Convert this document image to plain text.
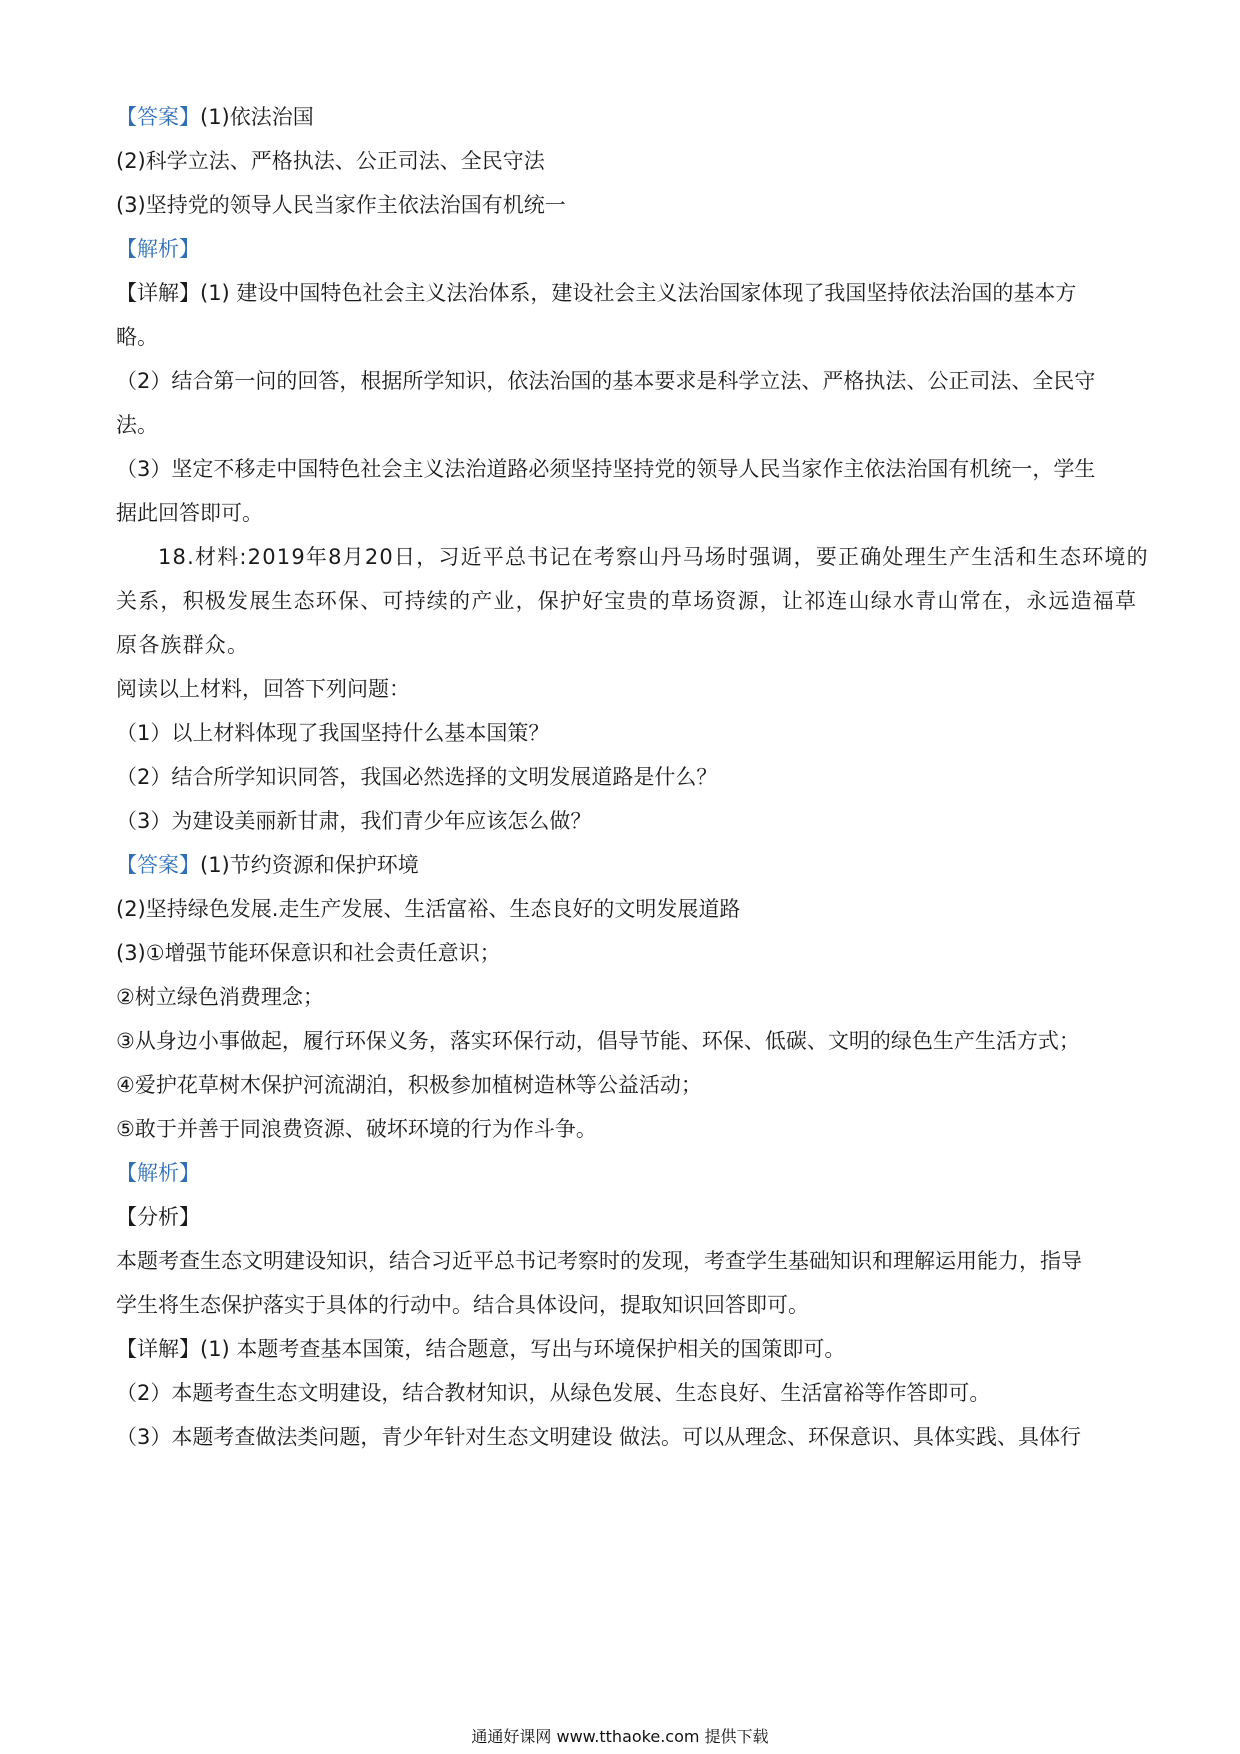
【答案】(1)依法治国
(2)科学立法、严格执法、公正司法、全民守法
(3)坚持党的领导人民当家作主依法治国有机统一
【解析】
【详解】(1) 建设中国特色社会主义法治体系，建设社会主义法治国家体现了我国坚持依法治国的基本方
略。
（2）结合第一问的回答，根据所学知识，依法治国的基本要求是科学立法、严格执法、公正司法、全民守
法。
（3）坚定不移走中国特色社会主义法治道路必须坚持坚持党的领导人民当家作主依法治国有机统一，学生
据此回答即可。
18.材料:2019年8月20日，习近平总书记在考察山丹马场时强调，要正确处理生产生活和生态环境的
关系，积极发展生态环保、可持续的产业，保护好宝贵的草场资源，让祁连山绿水青山常在，永远造福草
原各族群众。
阅读以上材料，回答下列问题：
（1）以上材料体现了我国坚持什么基本国策？
（2）结合所学知识同答，我国必然选择的文明发展道路是什么？
（3）为建设美丽新甘肃，我们青少年应该怎么做？
【答案】(1)节约资源和保护环境
(2)坚持绿色发展.走生产发展、生活富裕、生态良好的文明发展道路
(3)①增强节能环保意识和社会责任意识；
②树立绿色消费理念；
③从身边小事做起，履行环保义务，落实环保行动，倡导节能、环保、低碳、文明的绿色生产生活方式；
④爱护花草树木保护河流湖泊，积极参加植树造林等公益活动；
⑤敢于并善于同浪费资源、破坏环境的行为作斗争。
【解析】
【分析】
本题考查生态文明建设知识，结合习近平总书记考察时的发现，考查学生基础知识和理解运用能力，指导
学生将生态保护落实于具体的行动中。结合具体设问，提取知识回答即可。
【详解】(1) 本题考查基本国策，结合题意，写出与环境保护相关的国策即可。
（2）本题考查生态文明建设，结合教材知识，从绿色发展、生态良好、生活富裕等作答即可。
（3）本题考查做法类问题，青少年针对生态文明建设 做法。可以从理念、环保意识、具体实践、具体行
通通好课网 www.tthaoke.com 提供下载
